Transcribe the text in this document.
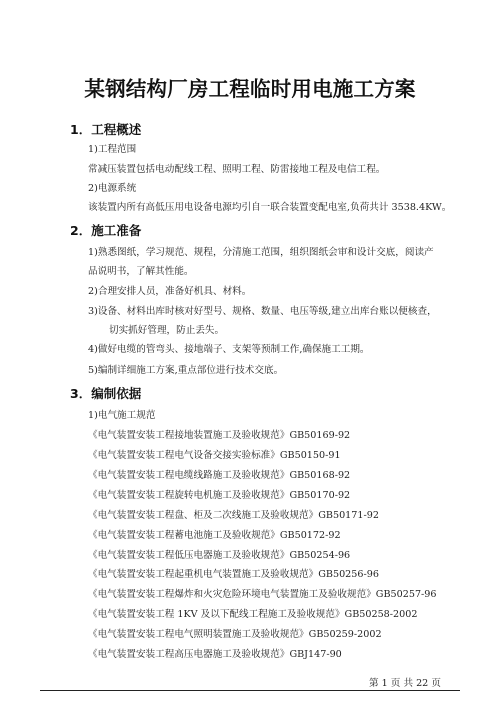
某钢结构厂房工程临时用电施工方案
1．工程概述
1)工程范围
常减压装置包括电动配线工程、照明工程、防雷接地工程及电信工程。
2)电源系统
该装置内所有高低压用电设备电源均引自一联合装置变配电室,负荷共计 3538.4KW。
2．施工准备
1)熟悉图纸，学习规范、规程，分清施工范围，组织图纸会审和设计交底，阅读产
品说明书，了解其性能。
2)合理安排人员，准备好机具、材料。
3)设备、材料出库时核对好型号、规格、数量、电压等级,建立出库台账以便核查，
切实抓好管理，防止丢失。
4)做好电缆的管弯头、接地端子、支架等预制工作,确保施工工期。
5)编制详细施工方案,重点部位进行技术交底。
3．编制依据
1)电气施工规范
《电气装置安装工程接地装置施工及验收规范》GB50169-92
《电气装置安装工程电气设备交接实验标准》GB50150-91
《电气装置安装工程电缆线路施工及验收规范》GB50168-92
《电气装置安装工程旋转电机施工及验收规范》GB50170-92
《电气装置安装工程盘、柜及二次线施工及验收规范》GB50171-92
《电气装置安装工程蓄电池施工及验收规范》GB50172-92
《电气装置安装工程低压电器施工及验收规范》GB50254-96
《电气装置安装工程起重机电气装置施工及验收规范》GB50256-96
《电气装置安装工程爆炸和火灾危险环境电气装置施工及验收规范》GB50257-96
《电气装置安装工程 1KV 及以下配线工程施工及验收规范》GB50258-2002
《电气装置安装工程电气照明装置施工及验收规范》GB50259-2002
《电气装置安装工程高压电器施工及验收规范》GBJ147-90
第 1 页 共 22 页
